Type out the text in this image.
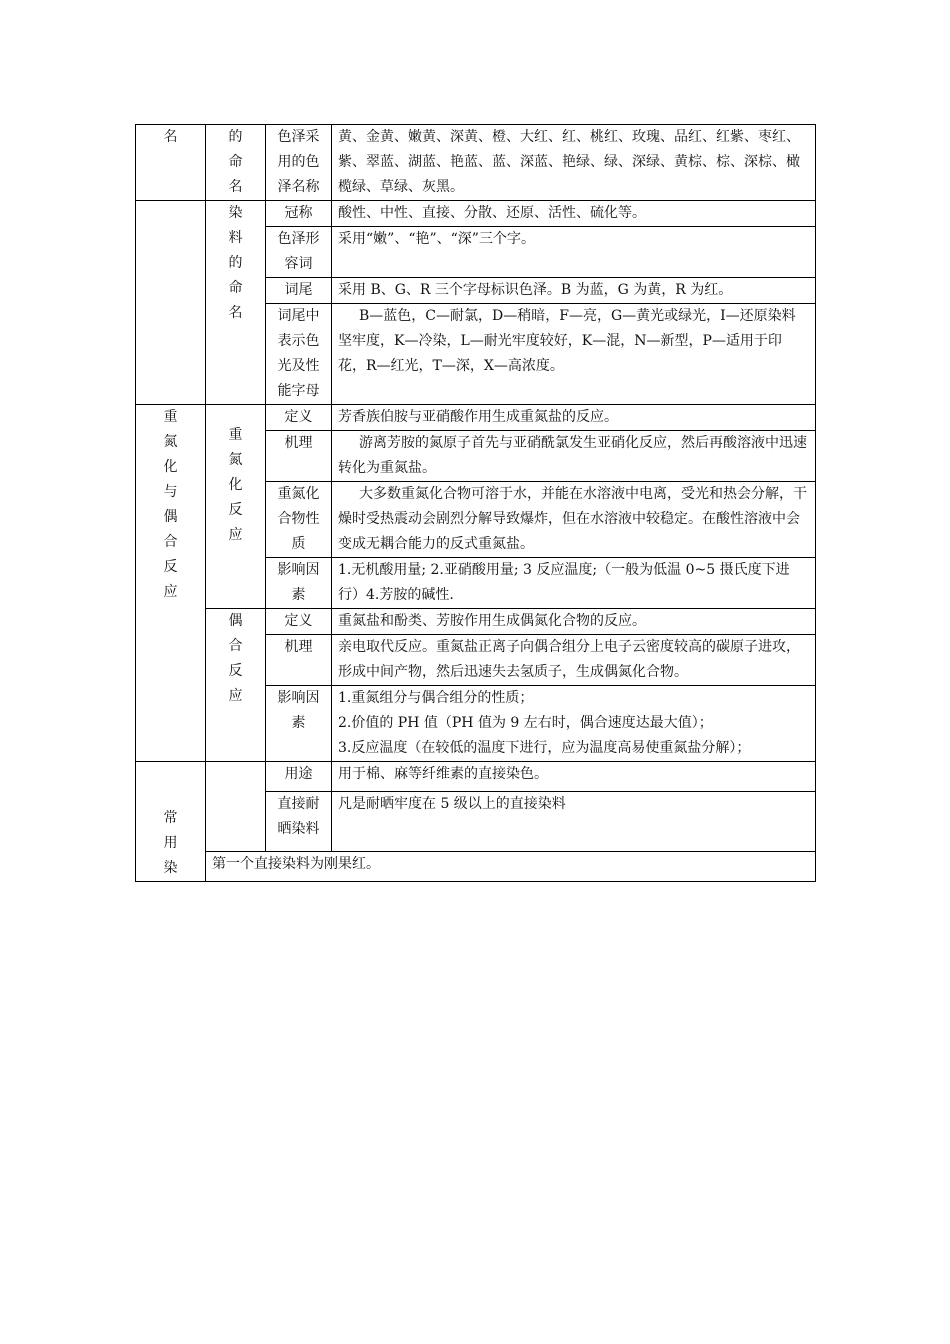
名	的命名	色泽采用的色泽名称	黄、金黄、嫩黄、深黄、橙、大红、红、桃红、玫瑰、品红、红紫、枣红、紫、翠蓝、湖蓝、艳蓝、蓝、深蓝、艳绿、绿、深绿、黄棕、棕、深棕、橄榄绿、草绿、灰黑。
	染料的命名	冠称	酸性、中性、直接、分散、还原、活性、硫化等。

		色泽形容词	采用“嫩”、“艳”、“深”三个字。

		词尾	采用 B、G、R 三个字母标识色泽。B 为蓝，G 为黄，R 为红。

		词尾中表示色光及性能字母	B—蓝色，C—耐氯，D—稍暗，F—亮，G—黄光或绿光，I—还原染料坚牢度，K—冷染，L—耐光牢度较好，K—混，N—新型，P—适用于印花，R—红光，T—深，X—高浓度。
重氮化与偶合反应	重氮化反应	定义	芳香族伯胺与亚硝酸作用生成重氮盐的反应。

		机理	游离芳胺的氮原子首先与亚硝酰氯发生亚硝化反应，然后再酸溶液中迅速转化为重氮盐。

		重氮化合物性质	大多数重氮化合物可溶于水，并能在水溶液中电离，受光和热会分解，干燥时受热震动会剧烈分解导致爆炸，但在水溶液中较稳定。在酸性溶液中会变成无耦合能力的反式重氮盐。

		影响因素	1.无机酸用量; 2.亚硝酸用量; 3 反应温度;（一般为低温 0~5 摄氏度下进行）4.芳胺的碱性.
	偶合反应	定义	重氮盐和酚类、芳胺作用生成偶氮化合物的反应。

		机理	亲电取代反应。重氮盐正离子向偶合组分上电子云密度较高的碳原子进攻，形成中间产物，然后迅速失去氢质子，生成偶氮化合物。

		影响因素	1.重氮组分与偶合组分的性质；
2.价值的 PH 值（PH 值为 9 左右时，偶合速度达最大值）；
3.反应温度（在较低的温度下进行，应为温度高易使重氮盐分解）；

常用染		用途	用于棉、麻等纤维素的直接染色。

		直接耐晒染料	凡是耐晒牢度在 5 级以上的直接染料
	第一个直接染料为刚果红。		
